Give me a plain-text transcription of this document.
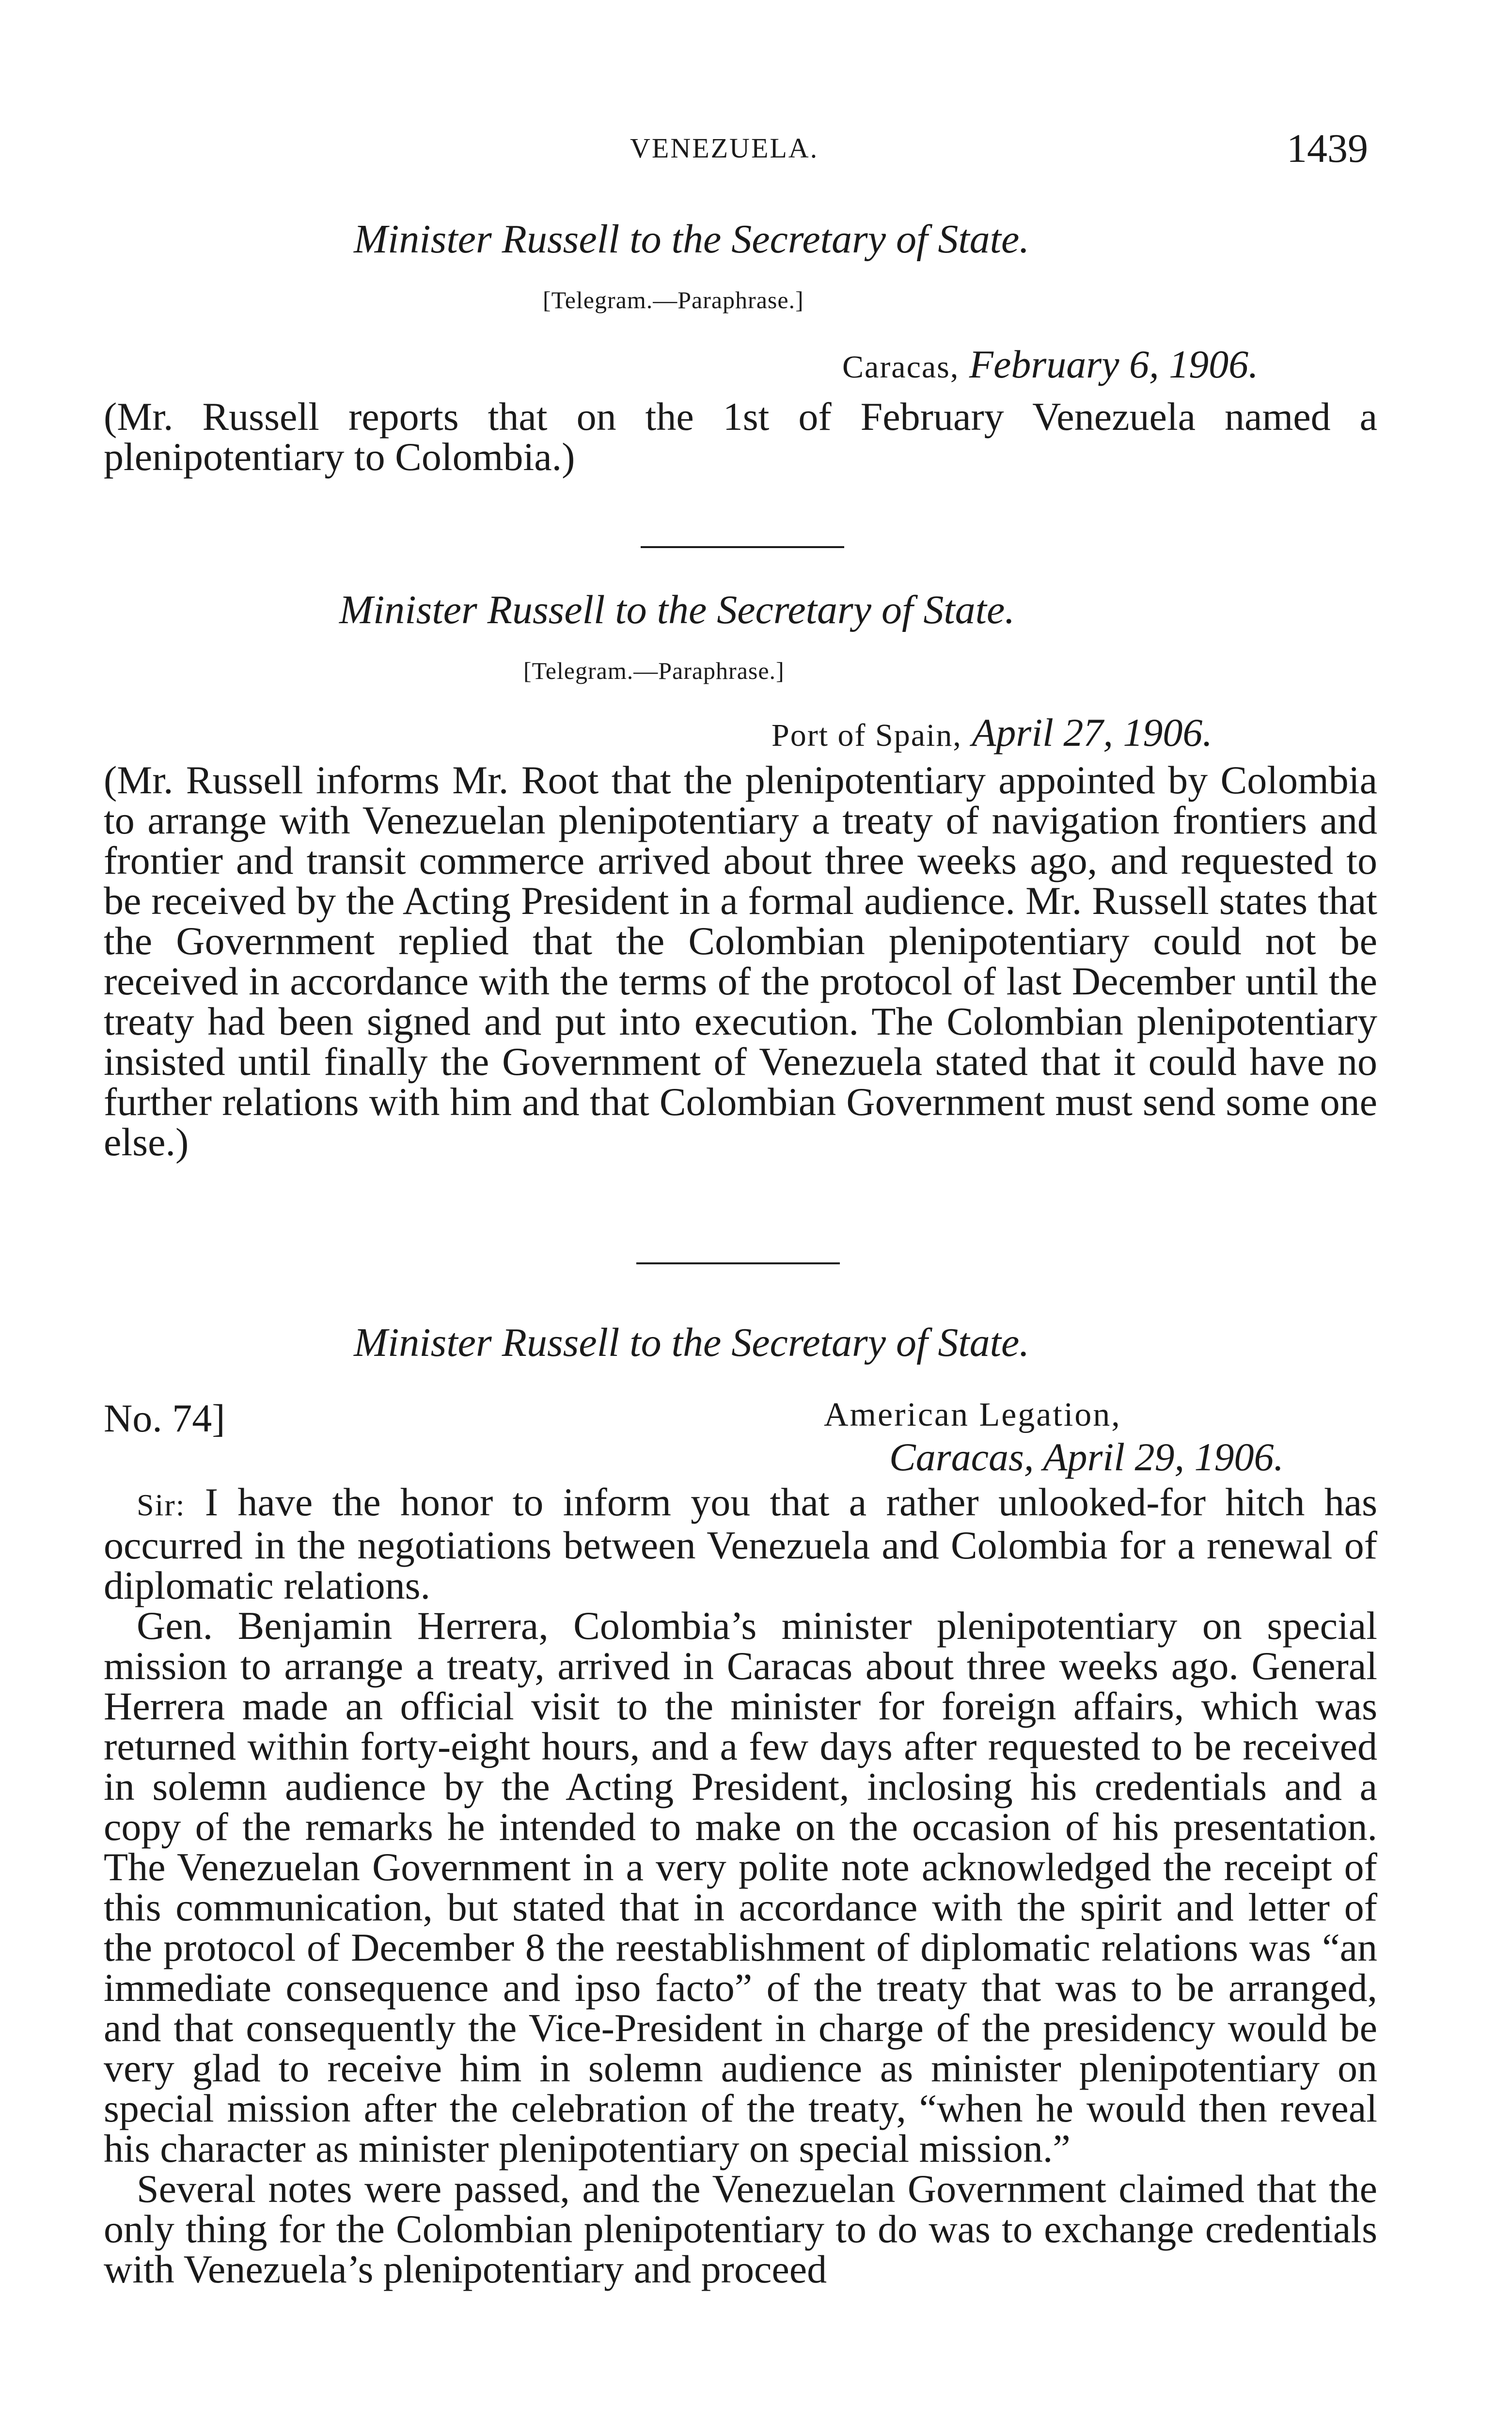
VENEZUELA.	1439
Minister Russell to the Secretary of State.
[Telegram.—Paraphrase.]
Caracas, February 6, 1906.

(Mr. Russell reports that on the 1st of February Venezuela named a plenipotentiary to Colombia.)

Minister Russell to the Secretary of State.
[Telegram.—Paraphrase.]
Port of Spain, April 27, 1906.

(Mr. Russell informs Mr. Root that the plenipotentiary appointed by Colombia to arrange with Venezuelan plenipotentiary a treaty of navigation frontiers and frontier and transit commerce arrived about three weeks ago, and requested to be received by the Acting President in a formal audience. Mr. Russell states that the Government replied that the Colombian plenipotentiary could not be received in accordance with the terms of the protocol of last December until the treaty had been signed and put into execution. The Colombian plenipotentiary insisted until finally the Government of Venezuela stated that it could have no further relations with him and that Colombian Government must send some one else.)

Minister Russell to the Secretary of State.
No. 74]	American Legation,
Caracas, April 29, 1906.

Sir: I have the honor to inform you that a rather unlooked-for hitch has occurred in the negotiations between Venezuela and Colombia for a renewal of diplomatic relations.

Gen. Benjamin Herrera, Colombia’s minister plenipotentiary on special mission to arrange a treaty, arrived in Caracas about three weeks ago. General Herrera made an official visit to the minister for foreign affairs, which was returned within forty-eight hours, and a few days after requested to be received in solemn audience by the Acting President, inclosing his credentials and a copy of the remarks he intended to make on the occasion of his presentation. The Venezuelan Government in a very polite note acknowledged the receipt of this communication, but stated that in accordance with the spirit and letter of the protocol of December 8 the reestablishment of diplomatic relations was “an immediate consequence and ipso facto” of the treaty that was to be arranged, and that consequently the Vice-President in charge of the presidency would be very glad to receive him in solemn audience as minister plenipotentiary on special mission after the celebration of the treaty, “when he would then reveal his character as minister plenipotentiary on special mission.”

Several notes were passed, and the Venezuelan Government claimed that the only thing for the Colombian plenipotentiary to do was to exchange credentials with Venezuela’s plenipotentiary and proceed
